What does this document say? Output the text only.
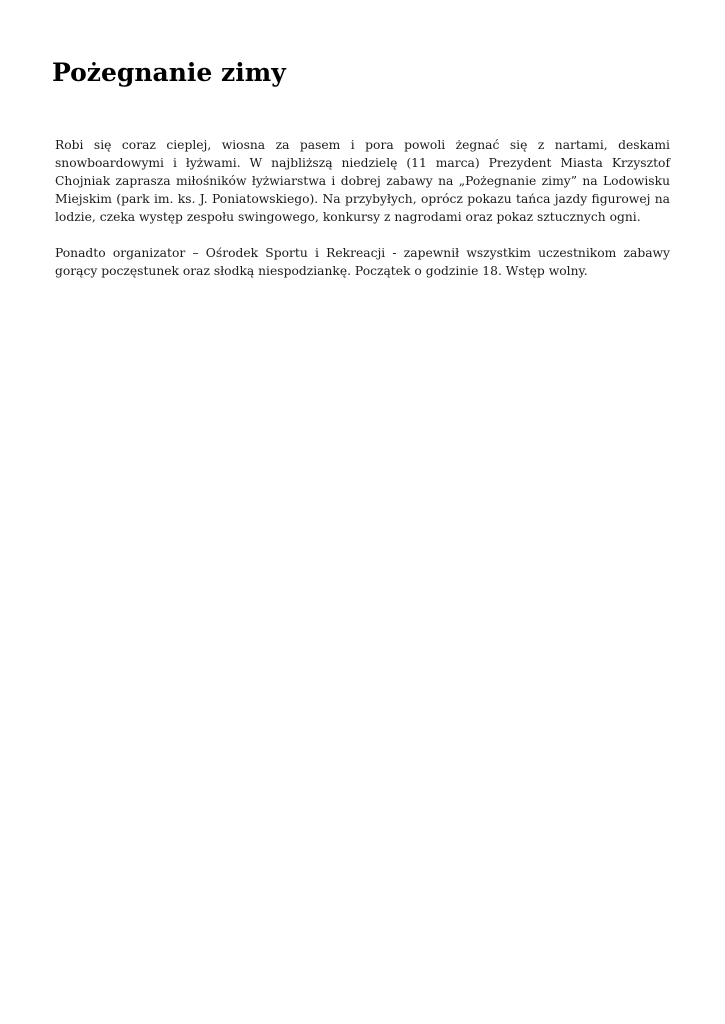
Pożegnanie zimy

Robi się coraz cieplej, wiosna za pasem i pora powoli żegnać się z nartami, deskami snowboardowymi i łyżwami. W najbliższą niedzielę (11 marca) Prezydent Miasta Krzysztof Chojniak zaprasza miłośników łyżwiarstwa i dobrej zabawy na „Pożegnanie zimy” na Lodowisku Miejskim (park im. ks. J. Poniatowskiego). Na przybyłych, oprócz pokazu tańca jazdy figurowej na lodzie, czeka występ zespołu swingowego, konkursy z nagrodami oraz pokaz sztucznych ogni.

Ponadto organizator – Ośrodek Sportu i Rekreacji - zapewnił wszystkim uczestnikom zabawy gorący poczęstunek oraz słodką niespodziankę. Początek o godzinie 18. Wstęp wolny.
